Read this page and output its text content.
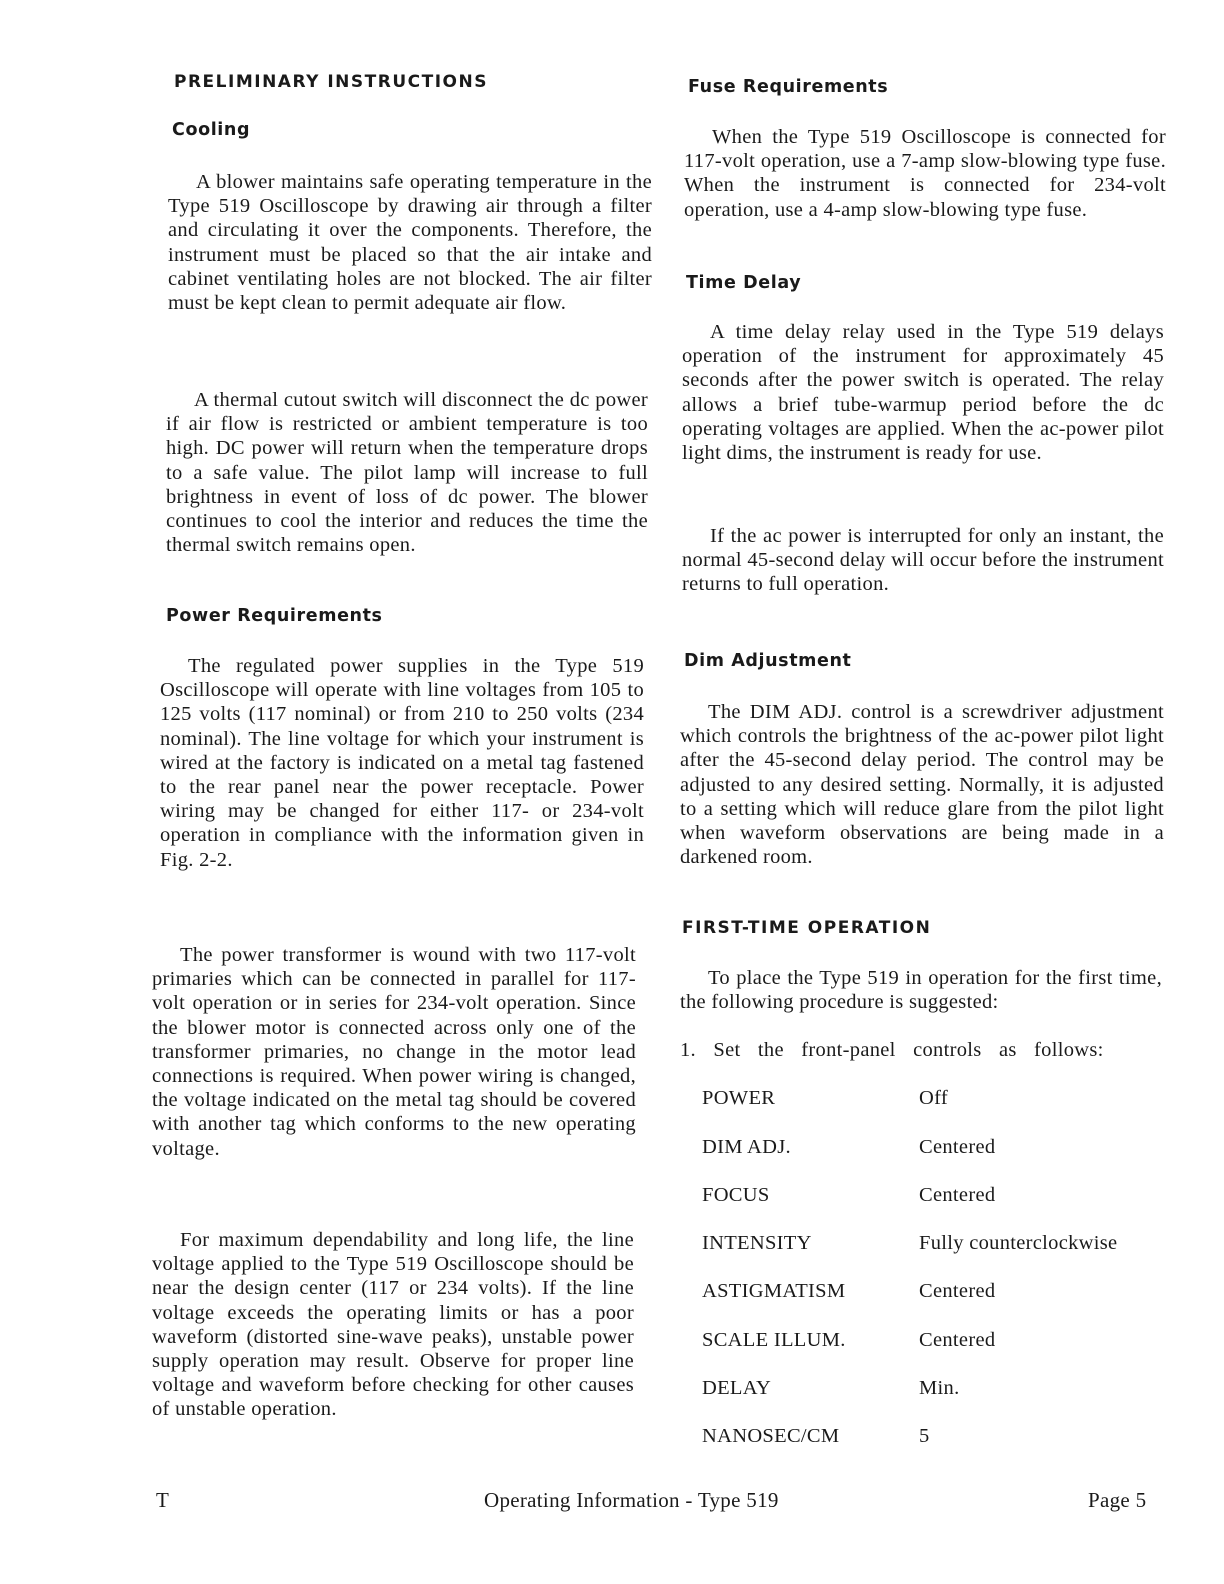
PRELIMINARY INSTRUCTIONS
Cooling

A blower maintains safe operating temperature in the Type 519 Oscilloscope by drawing air through a filter and circulating it over the components. Therefore, the instrument must be placed so that the air intake and cabinet ventilating holes are not blocked. The air filter must be kept clean to permit adequate air flow.

A thermal cutout switch will disconnect the dc power if air flow is restricted or ambient temperature is too high. DC power will return when the temperature drops to a safe value. The pilot lamp will increase to full brightness in event of loss of dc power. The blower continues to cool the interior and reduces the time the thermal switch remains open.

Power Requirements

The regulated power supplies in the Type 519 Oscilloscope will operate with line voltages from 105 to 125 volts (117 nominal) or from 210 to 250 volts (234 nominal). The line voltage for which your instrument is wired at the factory is indicated on a metal tag fastened to the rear panel near the power receptacle. Power wiring may be changed for either 117- or 234-volt operation in compliance with the information given in Fig. 2-2.

The power transformer is wound with two 117-volt primaries which can be connected in parallel for 117-volt operation or in series for 234-volt operation. Since the blower motor is connected across only one of the transformer primaries, no change in the motor lead connections is required. When power wiring is changed, the voltage indicated on the metal tag should be covered with another tag which conforms to the new operating voltage.

For maximum dependability and long life, the line voltage applied to the Type 519 Oscilloscope should be near the design center (117 or 234 volts). If the line voltage exceeds the operating limits or has a poor waveform (distorted sine-wave peaks), unstable power supply operation may result. Observe for proper line voltage and waveform before checking for other causes of unstable operation.

Fuse Requirements

When the Type 519 Oscilloscope is connected for 117-volt operation, use a 7-amp slow-blowing type fuse. When the instrument is connected for 234-volt operation, use a 4-amp slow-blowing type fuse.

Time Delay

A time delay relay used in the Type 519 delays operation of the instrument for approximately 45 seconds after the power switch is operated. The relay allows a brief tube-warmup period before the dc operating voltages are applied. When the ac-power pilot light dims, the instrument is ready for use.

If the ac power is interrupted for only an instant, the normal 45-second delay will occur before the instrument returns to full operation.

Dim Adjustment

The DIM ADJ. control is a screwdriver adjustment which controls the brightness of the ac-power pilot light after the 45-second delay period. The control may be adjusted to any desired setting. Normally, it is adjusted to a setting which will reduce glare from the pilot light when waveform observations are being made in a darkened room.

FIRST-TIME OPERATION

To place the Type 519 in operation for the first time, the following procedure is suggested:

1. Set the front-panel controls as follows:

POWER	Off
DIM ADJ.	Centered
FOCUS	Centered
INTENSITY	Fully counterclockwise
ASTIGMATISM	Centered
SCALE ILLUM.	Centered
DELAY	Min.
NANOSEC/CM	5
T	Operating Information - Type 519	Page 5
